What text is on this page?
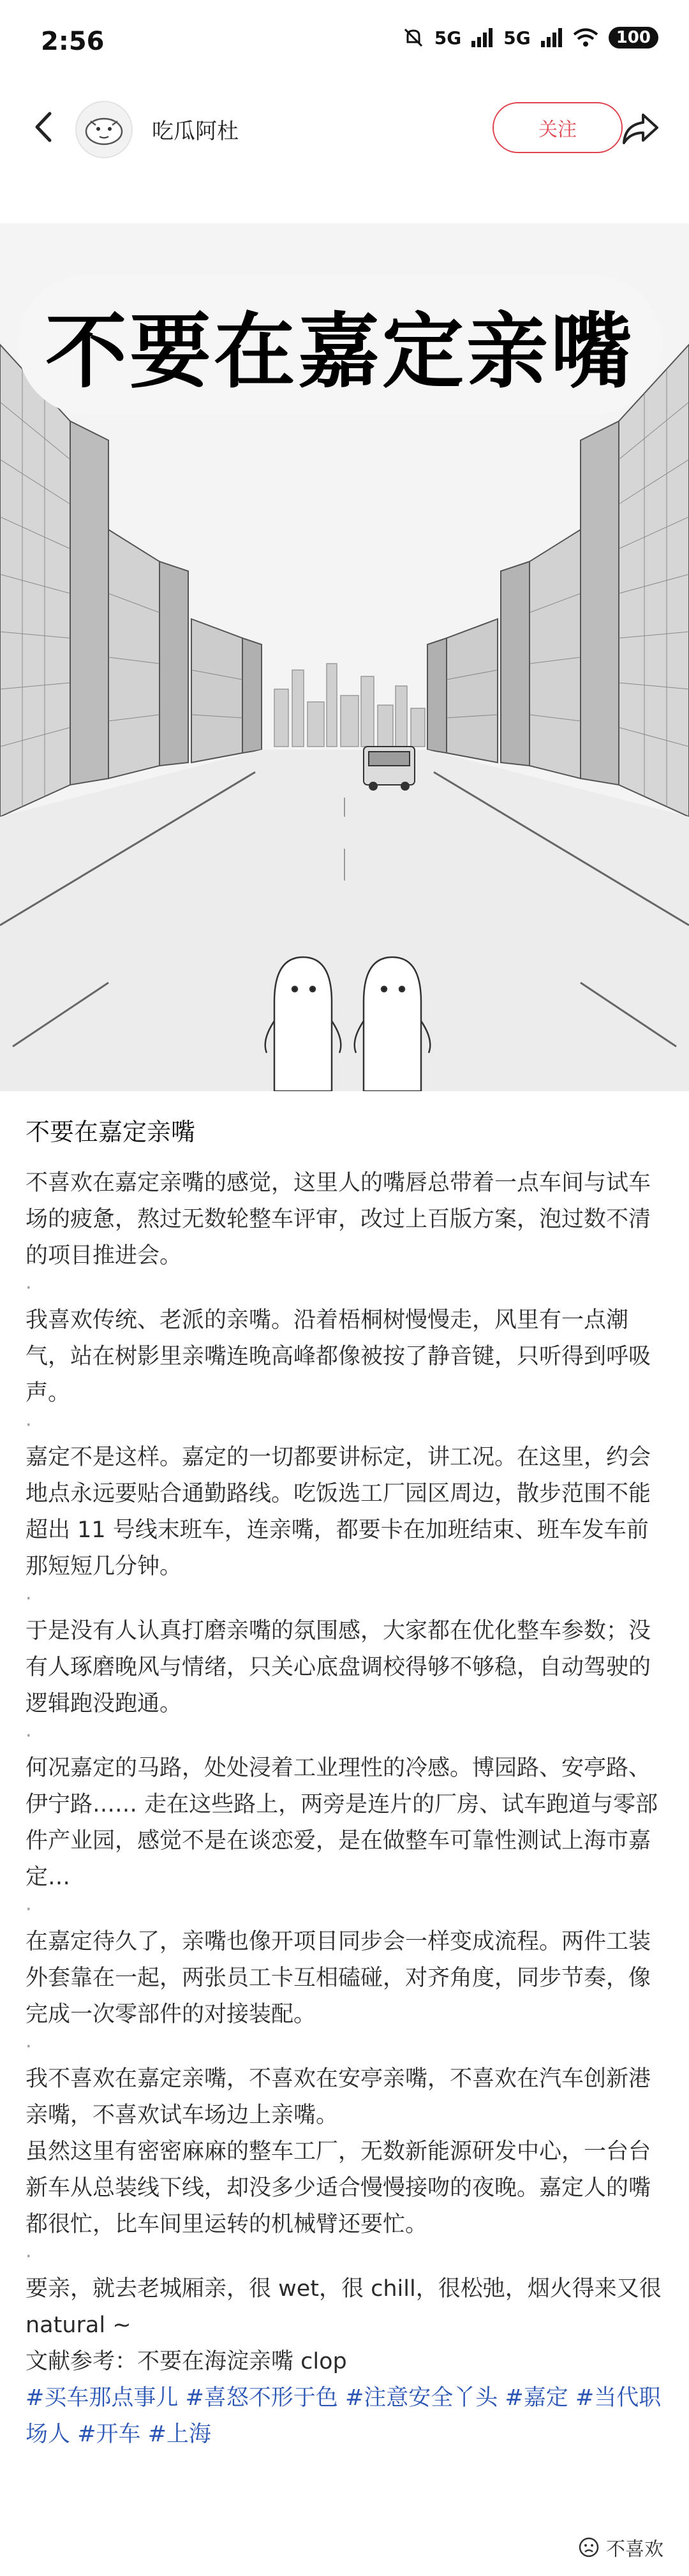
2:56	5G 5G	100
吃瓜阿杜	关注
不要在嘉定亲嘴
不要在嘉定亲嘴

不喜欢在嘉定亲嘴的感觉，这里人的嘴唇总带着一点车间与试车场的疲惫，熬过无数轮整车评审，改过上百版方案，泡过数不清的项目推进会。

·

我喜欢传统、老派的亲嘴。沿着梧桐树慢慢走，风里有一点潮气，站在树影里亲嘴连晚高峰都像被按了静音键，只听得到呼吸声。

·

嘉定不是这样。嘉定的一切都要讲标定，讲工况。在这里，约会地点永远要贴合通勤路线。吃饭选工厂园区周边，散步范围不能超出 11 号线末班车，连亲嘴，都要卡在加班结束、班车发车前那短短几分钟。

·

于是没有人认真打磨亲嘴的氛围感，大家都在优化整车参数；没有人琢磨晚风与情绪，只关心底盘调校得够不够稳，自动驾驶的逻辑跑没跑通。

·

何况嘉定的马路，处处浸着工业理性的冷感。博园路、安亭路、伊宁路…… 走在这些路上，两旁是连片的厂房、试车跑道与零部件产业园，感觉不是在谈恋爱，是在做整车可靠性测试上海市嘉定…

·

在嘉定待久了，亲嘴也像开项目同步会一样变成流程。两件工装外套靠在一起，两张员工卡互相磕碰，对齐角度，同步节奏，像完成一次零部件的对接装配。

·

我不喜欢在嘉定亲嘴，不喜欢在安亭亲嘴，不喜欢在汽车创新港亲嘴，不喜欢试车场边上亲嘴。

虽然这里有密密麻麻的整车工厂，无数新能源研发中心，一台台新车从总装线下线，却没多少适合慢慢接吻的夜晚。嘉定人的嘴都很忙，比车间里运转的机械臂还要忙。

·

要亲，就去老城厢亲，很 wet，很 chill，很松弛，烟火得来又很 natural ~

文献参考：不要在海淀亲嘴 clop

#买车那点事儿 #喜怒不形于色 #注意安全丫头 #嘉定 #当代职场人 #开车 #上海

不喜欢
